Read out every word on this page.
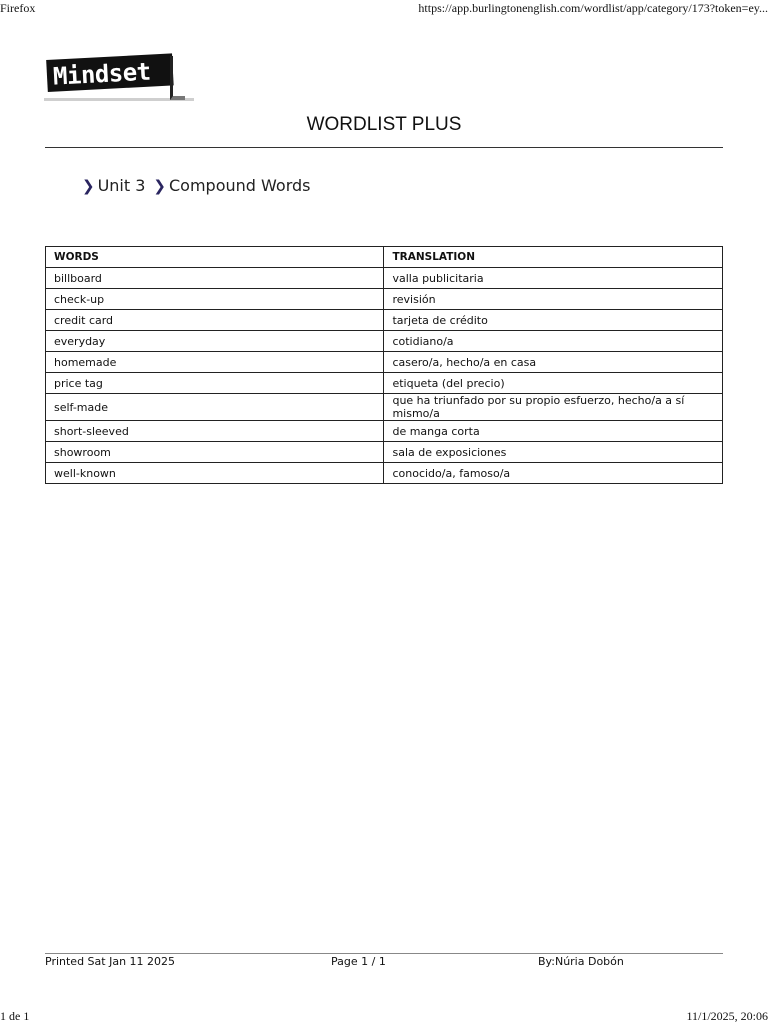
Firefox	https://app.burlingtonenglish.com/wordlist/app/category/173?token=ey...
Mindset
WORDLIST PLUS
❯ Unit 3 ❯ Compound Words
WORDS	TRANSLATION
billboard	valla publicitaria
check-up	revisión
credit card	tarjeta de crédito
everyday	cotidiano/a
homemade	casero/a, hecho/a en casa
price tag	etiqueta (del precio)
self-made	que ha triunfado por su propio esfuerzo, hecho/a a sí mismo/a
short-sleeved	de manga corta
showroom	sala de exposiciones
well-known	conocido/a, famoso/a
Printed Sat Jan 11 2025	Page 1 / 1	By:Núria Dobón
1 de 1	11/1/2025, 20:06
